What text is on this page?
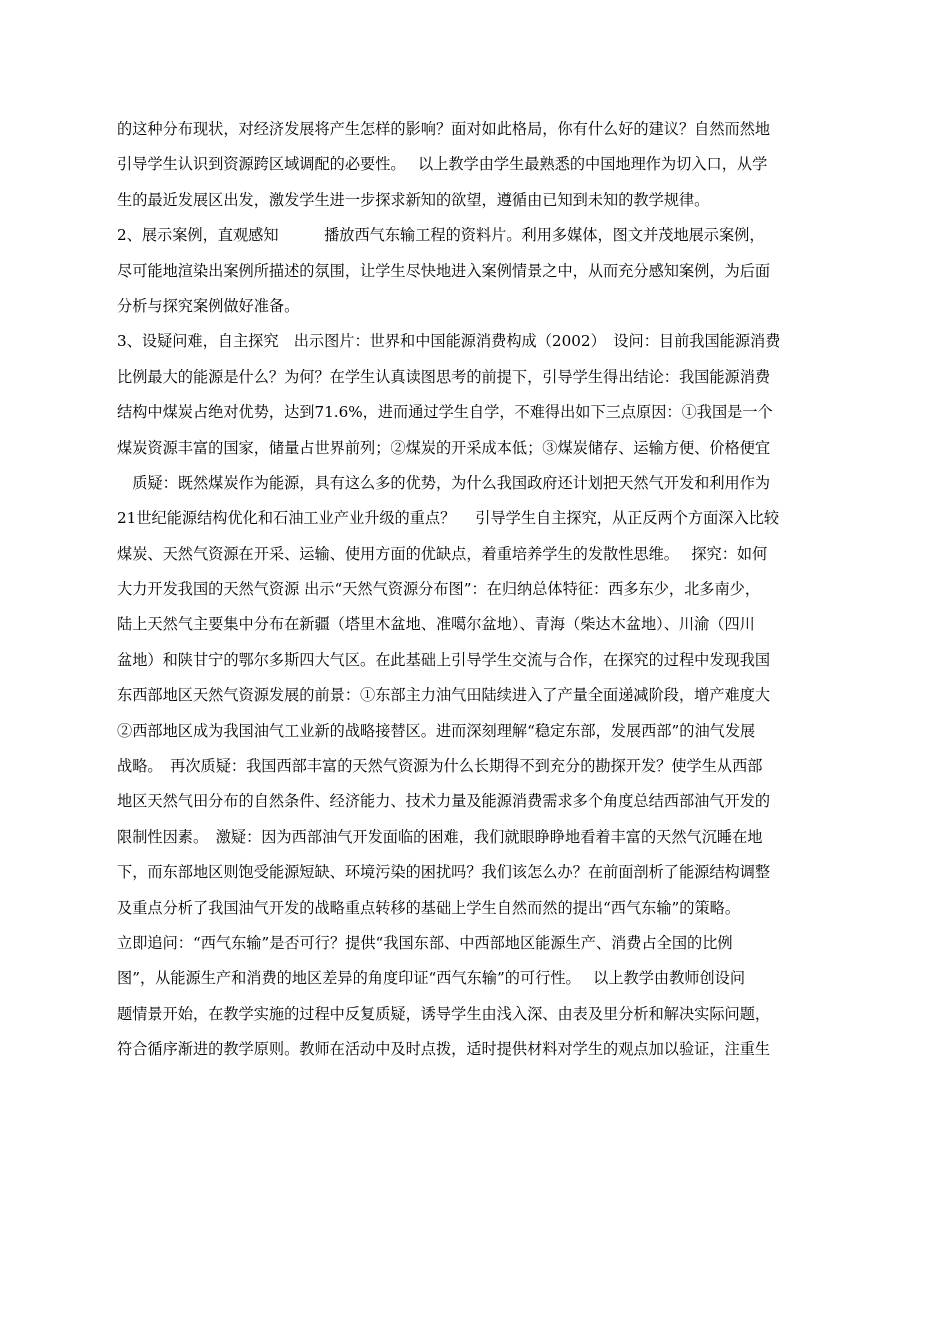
的这种分布现状，对经济发展将产生怎样的影响？面对如此格局，你有什么好的建议？自然而然地
引导学生认识到资源跨区域调配的必要性。　 以上教学由学生最熟悉的中国地理作为切入口，从学
生的最近发展区出发，激发学生进一步探求新知的欲望，遵循由已知到未知的教学规律。
2、展示案例，直观感知　　　播放西气东输工程的资料片。利用多媒体，图文并茂地展示案例，
尽可能地渲染出案例所描述的氛围，让学生尽快地进入案例情景之中，从而充分感知案例，为后面
分析与探究案例做好准备。
3、设疑问难，自主探究　出示图片：世界和中国能源消费构成（2002）　设问：目前我国能源消费
比例最大的能源是什么？为何？在学生认真读图思考的前提下，引导学生得出结论：我国能源消费
结构中煤炭占绝对优势，达到71.6%，进而通过学生自学，不难得出如下三点原因：①我国是一个
煤炭资源丰富的国家，储量占世界前列；②煤炭的开采成本低；③煤炭储存、运输方便、价格便宜
　质疑：既然煤炭作为能源，具有这么多的优势，为什么我国政府还计划把天然气开发和利用作为
21世纪能源结构优化和石油工业产业升级的重点？　 引导学生自主探究，从正反两个方面深入比较
煤炭、天然气资源在开采、运输、使用方面的优缺点，着重培养学生的发散性思维。　 探究：如何
大力开发我国的天然气资源 出示“天然气资源分布图”：在归纳总体特征：西多东少，北多南少，
陆上天然气主要集中分布在新疆（塔里木盆地、准噶尔盆地）、青海（柴达木盆地）、川渝（四川
盆地）和陕甘宁的鄂尔多斯四大气区。在此基础上引导学生交流与合作，在探究的过程中发现我国
东西部地区天然气资源发展的前景：①东部主力油气田陆续进入了产量全面递减阶段，增产难度大
②西部地区成为我国油气工业新的战略接替区。进而深刻理解“稳定东部，发展西部”的油气发展
战略。　再次质疑：我国西部丰富的天然气资源为什么长期得不到充分的勘探开发？使学生从西部
地区天然气田分布的自然条件、经济能力、技术力量及能源消费需求多个角度总结西部油气开发的
限制性因素。　激疑：因为西部油气开发面临的困难，我们就眼睁睁地看着丰富的天然气沉睡在地
下，而东部地区则饱受能源短缺、环境污染的困扰吗？我们该怎么办？在前面剖析了能源结构调整
及重点分析了我国油气开发的战略重点转移的基础上学生自然而然的提出“西气东输”的策略。
立即追问：“西气东输”是否可行？提供“我国东部、中西部地区能源生产、消费占全国的比例
图”，从能源生产和消费的地区差异的角度印证“西气东输”的可行性。　 以上教学由教师创设问
题情景开始，在教学实施的过程中反复质疑，诱导学生由浅入深、由表及里分析和解决实际问题，
符合循序渐进的教学原则。教师在活动中及时点拨，适时提供材料对学生的观点加以验证，注重生
